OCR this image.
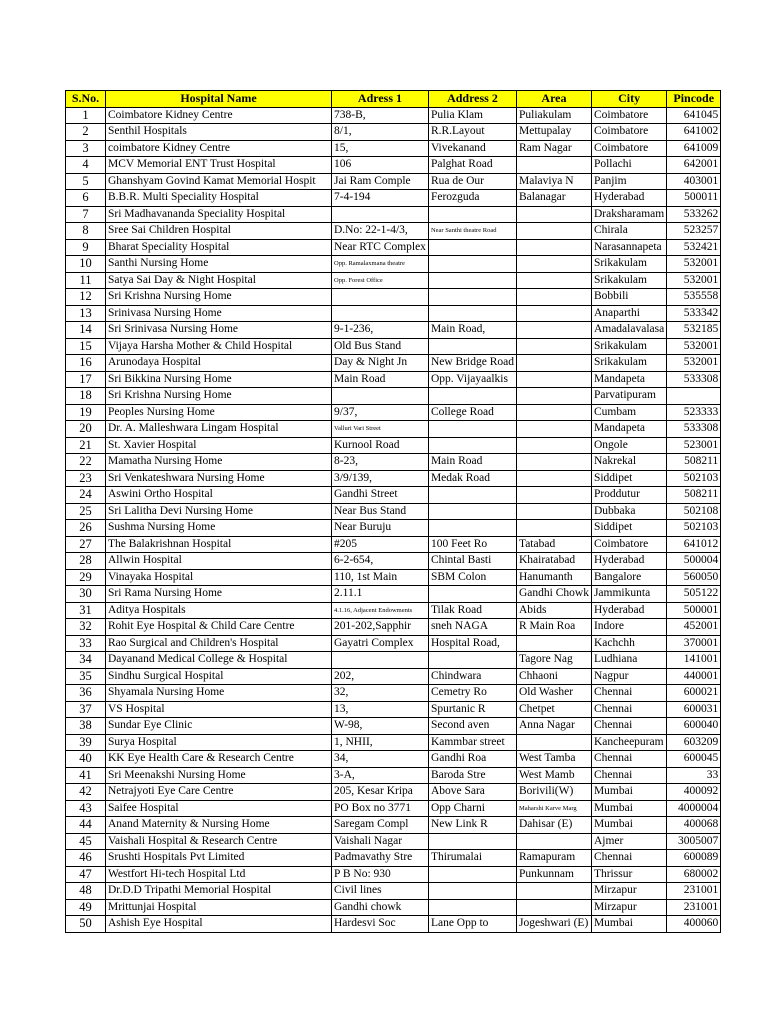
S.No.	Hospital Name	Adress 1	Address 2	Area	City	Pincode
1	Coimbatore Kidney Centre	738-B,	Pulia Klam	Puliakulam	Coimbatore	641045
2	Senthil Hospitals	8/1,	R.R.Layout	Mettupalay	Coimbatore	641002
3	coimbatore Kidney Centre	15,	Vivekanand	Ram Nagar	Coimbatore	641009
4	MCV Memorial ENT Trust Hospital	106	Palghat Road		Pollachi	642001
5	Ghanshyam Govind Kamat Memorial Hospit	Jai Ram Comple	Rua de Our	Malaviya N	Panjim	403001
6	B.B.R. Multi Speciality Hospital	7-4-194	Ferozguda	Balanagar	Hyderabad	500011
7	Sri Madhavananda Speciality Hospital				Draksharamam	533262
8	Sree Sai Children Hospital	D.No: 22-1-4/3,	Near Santhi theatre Road		Chirala	523257
9	Bharat Speciality Hospital	Near RTC Complex			Narasannapeta	532421
10	Santhi Nursing Home	Opp. Ramalaxmana theatre			Srikakulam	532001
11	Satya Sai Day & Night Hospital	Opp. Forest Office			Srikakulam	532001
12	Sri Krishna Nursing Home				Bobbili	535558
13	Srinivasa Nursing Home				Anaparthi	533342
14	Sri Srinivasa Nursing Home	9-1-236,	Main Road,		Amadalavalasa	532185
15	Vijaya Harsha Mother & Child Hospital	Old Bus Stand			Srikakulam	532001
16	Arunodaya Hospital	Day & Night Jn	New Bridge Road		Srikakulam	532001
17	Sri Bikkina Nursing Home	Main Road	Opp. Vijayaalkis		Mandapeta	533308
18	Sri Krishna Nursing Home				Parvatipuram	
19	Peoples Nursing Home	9/37,	College Road		Cumbam	523333
20	Dr. A. Malleshwara Lingam Hospital	Valluri Vari Street			Mandapeta	533308
21	St. Xavier Hospital	Kurnool Road			Ongole	523001
22	Mamatha Nursing Home	8-23,	Main Road		Nakrekal	508211
23	Sri Venkateshwara Nursing Home	3/9/139,	Medak Road		Siddipet	502103
24	Aswini Ortho Hospital	Gandhi Street			Proddutur	508211
25	Sri Lalitha Devi Nursing Home	Near Bus Stand			Dubbaka	502108
26	Sushma Nursing Home	Near Buruju			Siddipet	502103
27	The Balakrishnan Hospital	#205	100 Feet Ro	Tatabad	Coimbatore	641012
28	Allwin Hospital	6-2-654,	Chintal Basti	Khairatabad	Hyderabad	500004
29	Vinayaka Hospital	110, 1st Main	SBM Colon	Hanumanth	Bangalore	560050
30	Sri Rama Nursing Home	2.11.1		Gandhi Chowk	Jammikunta	505122
31	Aditya Hospitals	4.1.16, Adjacent Endowments	Tilak Road	Abids	Hyderabad	500001
32	Rohit Eye Hospital & Child Care Centre	201-202,Sapphir	sneh NAGA	R Main Roa	Indore	452001
33	Rao Surgical and Children's Hospital	Gayatri Complex	Hospital Road,		Kachchh	370001
34	Dayanand Medical College & Hospital			Tagore Nag	Ludhiana	141001
35	Sindhu Surgical Hospital	202,	Chindwara	Chhaoni	Nagpur	440001
36	Shyamala Nursing Home	32,	Cemetry Ro	Old Washer	Chennai	600021
37	VS Hospital	13,	Spurtanic R	Chetpet	Chennai	600031
38	Sundar Eye Clinic	W-98,	Second aven	Anna Nagar	Chennai	600040
39	Surya Hospital	1, NHII,	Kammbar street		Kancheepuram	603209
40	KK Eye Health Care & Research Centre	34,	Gandhi Roa	West Tamba	Chennai	600045
41	Sri Meenakshi Nursing Home	3-A,	Baroda Stre	West Mamb	Chennai	33
42	Netrajyoti Eye Care Centre	205, Kesar Kripa	Above Sara	Borivili(W)	Mumbai	400092
43	Saifee Hospital	PO Box no 3771	Opp Charni	Maharshi Karve Marg	Mumbai	4000004
44	Anand Maternity & Nursing Home	Saregam Compl	New Link R	Dahisar (E)	Mumbai	400068
45	Vaishali Hospital & Research Centre	Vaishali Nagar			Ajmer	3005007
46	Srushti Hospitals Pvt Limited	Padmavathy Stre	Thirumalai	Ramapuram	Chennai	600089
47	Westfort Hi-tech Hospital Ltd	P B No: 930		Punkunnam	Thrissur	680002
48	Dr.D.D Tripathi Memorial Hospital	Civil lines			Mirzapur	231001
49	Mrittunjai Hospital	Gandhi chowk			Mirzapur	231001
50	Ashish Eye Hospital	Hardesvi Soc	Lane Opp to	Jogeshwari (E)	Mumbai	400060
